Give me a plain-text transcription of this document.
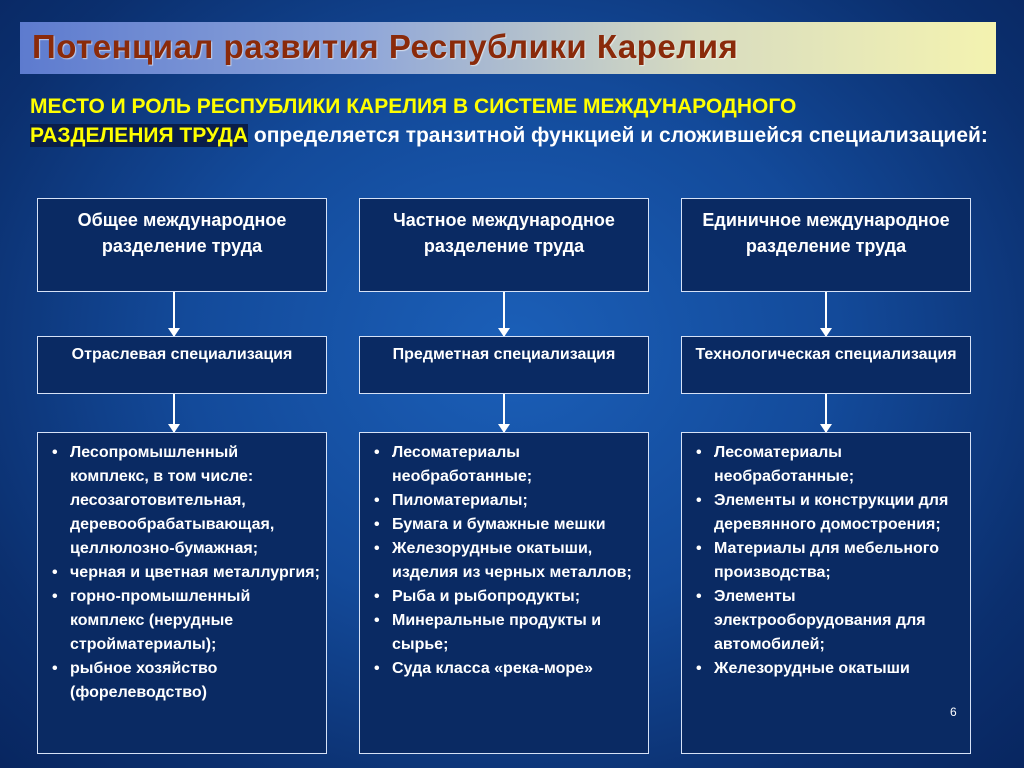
Потенциал развития Республики Карелия
МЕСТО И РОЛЬ РЕСПУБЛИКИ КАРЕЛИЯ В СИСТЕМЕ МЕЖДУНАРОДНОГО
РАЗДЕЛЕНИЯ ТРУДА определяется транзитной функцией и сложившейся специализацией:
Общее международное разделение труда
Отраслевая специализация
• Лесопромышленный комплекс, в том числе: лесозаготовительная, деревообрабатывающая, целлюлозно-бумажная;
• черная и цветная металлургия;
• горно-промышленный комплекс (нерудные стройматериалы);
• рыбное хозяйство (форелеводство)
Частное международное разделение труда
Предметная специализация
• Лесоматериалы необработанные;
• Пиломатериалы;
• Бумага и бумажные мешки
• Железорудные окатыши, изделия из черных металлов;
• Рыба и рыбопродукты;
• Минеральные продукты и сырье;
• Суда класса «река-море»
Единичное международное разделение труда
Технологическая специализация
• Лесоматериалы необработанные;
• Элементы и конструкции для деревянного домостроения;
• Материалы для мебельного производства;
• Элементы электрооборудования для автомобилей;
• Железорудные окатыши
6
